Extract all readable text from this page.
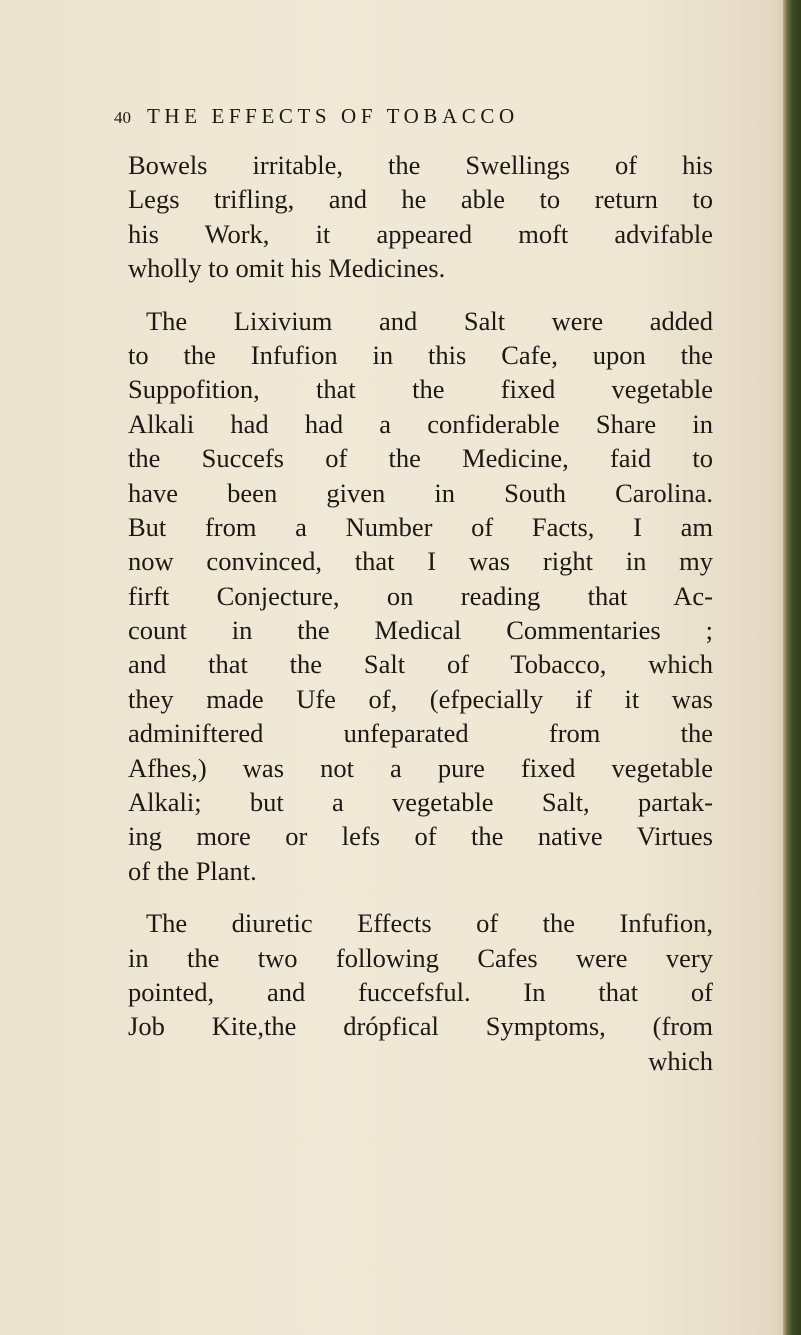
40 THE EFFECTS OF TOBACCO
Bowels irritable, the Swellings of his
Legs trifling, and he able to return to
his Work, it appeared moft advifable
wholly to omit his Medicines.
The Lixivium and Salt were added
to the Infufion in this Cafe, upon the
Suppofition, that the fixed vegetable
Alkali had had a confiderable Share in
the Succefs of the Medicine, faid to
have been given in South Carolina.
But from a Number of Facts, I am
now convinced, that I was right in my
firft Conjecture, on reading that Ac-
count in the Medical Commentaries ;
and that the Salt of Tobacco, which
they made Ufe of, (efpecially if it was
adminiftered unfeparated from the
Afhes,) was not a pure fixed vegetable
Alkali; but a vegetable Salt, partak-
ing more or lefs of the native Virtues
of the Plant.
The diuretic Effects of the Infufion,
in the two following Cafes were very
pointed, and fuccefsful. In that of
Job Kite,the drópfical Symptoms, (from
which
